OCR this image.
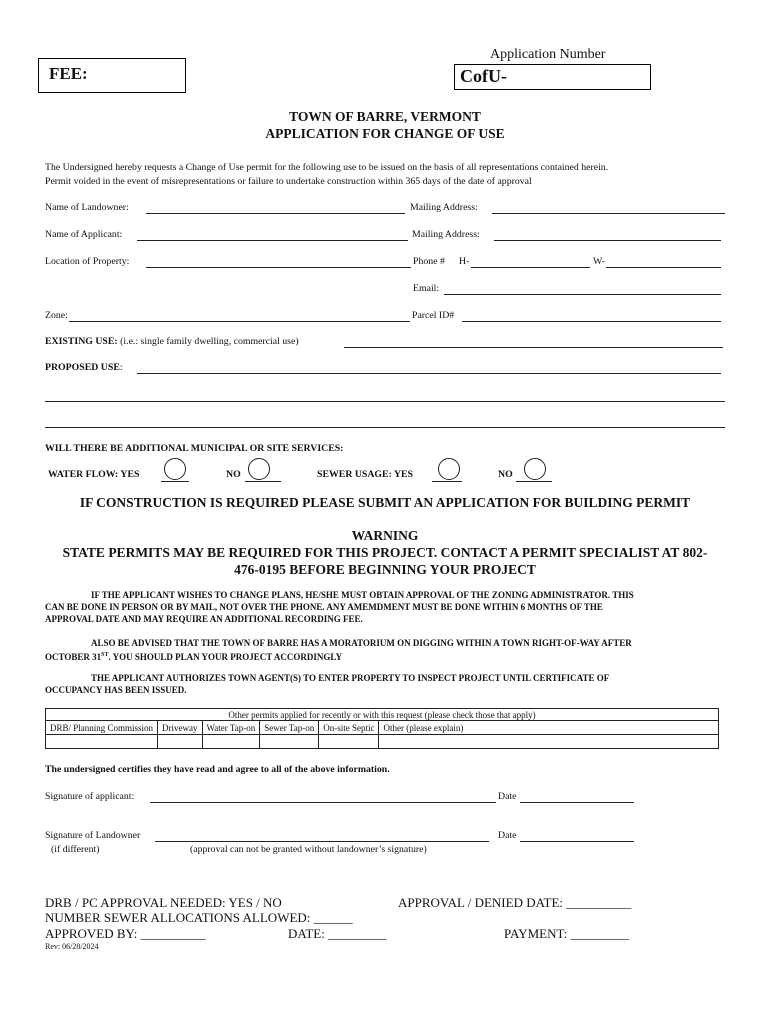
FEE:
Application Number
CofU-
TOWN OF BARRE, VERMONT
APPLICATION FOR CHANGE OF USE
The Undersigned hereby requests a Change of Use permit for the following use to be issued on the basis of all representations contained herein.
Permit voided in the event of misrepresentations or failure to undertake construction within 365 days of the date of approval
Name of Landowner:	Mailing Address:
Name of Applicant:	Mailing Address:
Location of Property:	Phone # H-	W-
Email:
Zone:	Parcel ID#
EXISTING USE: (i.e.: single family dwelling, commercial use)
PROPOSED USE:
WILL THERE BE ADDITIONAL MUNICIPAL OR SITE SERVICES:
WATER FLOW: YES	NO	SEWER USAGE: YES	NO
IF CONSTRUCTION IS REQUIRED PLEASE SUBMIT AN APPLICATION FOR BUILDING PERMIT
WARNING
STATE PERMITS MAY BE REQUIRED FOR THIS PROJECT. CONTACT A PERMIT SPECIALIST AT 802-
476-0195 BEFORE BEGINNING YOUR PROJECT
IF THE APPLICANT WISHES TO CHANGE PLANS, HE/SHE MUST OBTAIN APPROVAL OF THE ZONING ADMINISTRATOR. THIS
CAN BE DONE IN PERSON OR BY MAIL, NOT OVER THE PHONE. ANY AMEMDMENT MUST BE DONE WITHIN 6 MONTHS OF THE
APPROVAL DATE AND MAY REQUIRE AN ADDITIONAL RECORDING FEE.
ALSO BE ADVISED THAT THE TOWN OF BARRE HAS A MORATORIUM ON DIGGING WITHIN A TOWN RIGHT-OF-WAY AFTER
OCTOBER 31ST. YOU SHOULD PLAN YOUR PROJECT ACCORDINGLY
THE APPLICANT AUTHORIZES TOWN AGENT(S) TO ENTER PROPERTY TO INSPECT PROJECT UNTIL CERTIFICATE OF
OCCUPANCY HAS BEEN ISSUED.
Other permits applied for recently or with this request (please check those that apply)					
DRB/ Planning Commission	Driveway	Water Tap-on	Sewer Tap-on	On-site Septic	Other (please explain)

The undersigned certifies they have read and agree to all of the above information.
Signature of applicant:	Date
Signature of Landowner	Date
(if different)	(approval can not be granted without landowner’s signature)
DRB / PC APPROVAL NEEDED: YES / NO	APPROVAL / DENIED DATE: __________
NUMBER SEWER ALLOCATIONS ALLOWED: ______
APPROVED BY: __________	DATE: _________	PAYMENT: _________
Rev: 06/28/2024
